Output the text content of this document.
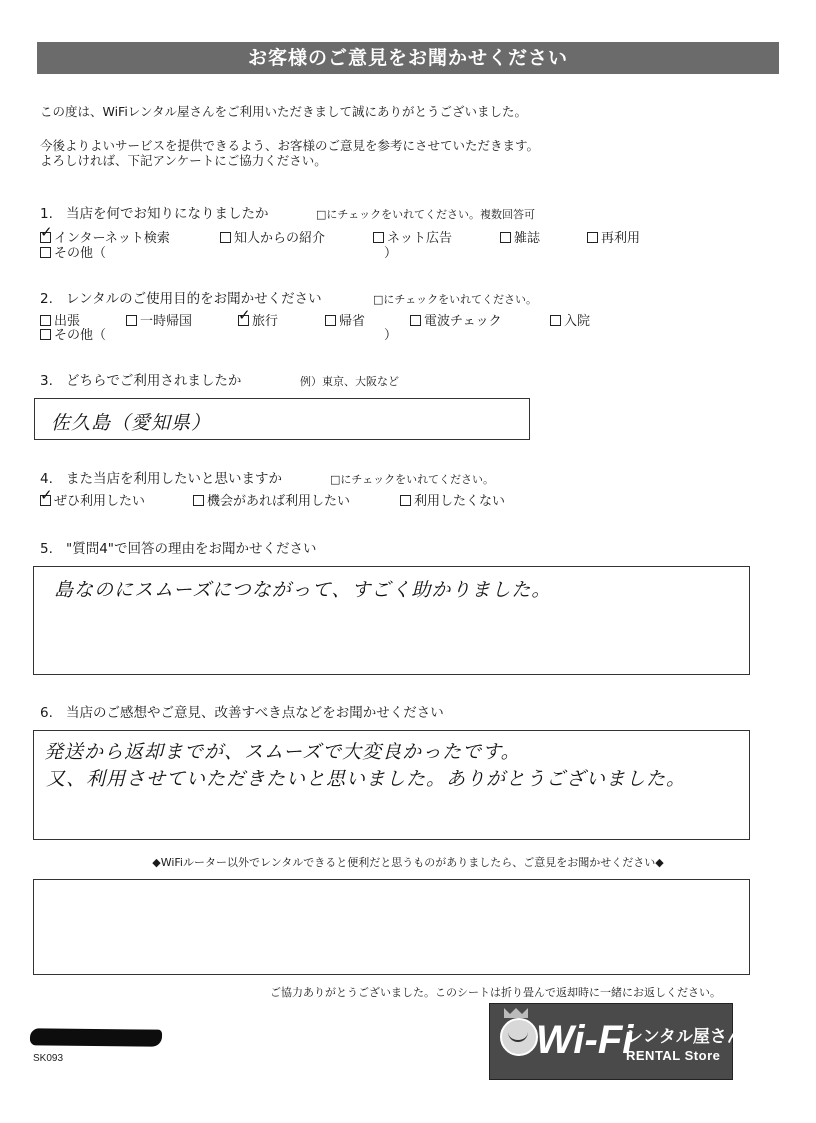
お客様のご意見をお聞かせください
この度は、WiFiレンタル屋さんをご利用いただきまして誠にありがとうございました。
今後よりよいサービスを提供できるよう、お客様のご意見を参考にさせていただきます。
よろしければ、下記アンケートにご協力ください。
1. 当店を何でお知りになりましたか	□にチェックをいれてください。複数回答可
✓ インターネット検索	知人からの紹介	ネット広告	雑誌	再利用
その他（	）
2. レンタルのご使用目的をお聞かせください	□にチェックをいれてください。
出張	一時帰国	✓ 旅行	帰省	電波チェック	入院
その他（	）
3. どちらでご利用されましたか	例）東京、大阪など
佐久島（愛知県）
4. また当店を利用したいと思いますか	□にチェックをいれてください。
✓ ぜひ利用したい	機会があれば利用したい	利用したくない
5. "質問4"で回答の理由をお聞かせください
島なのにスムーズにつながって、すごく助かりました。
6. 当店のご感想やご意見、改善すべき点などをお聞かせください
発送から返却までが、スムーズで大変良かったです。
又、利用させていただきたいと思いました。ありがとうございました。
◆WiFiルーター以外でレンタルできると便利だと思うものがありましたら、ご意見をお聞かせください◆
ご協力ありがとうございました。このシートは折り畳んで返却時に一緒にお返しください。
SK093	Wi-Fi
レンタル屋さん
RENTAL Store
